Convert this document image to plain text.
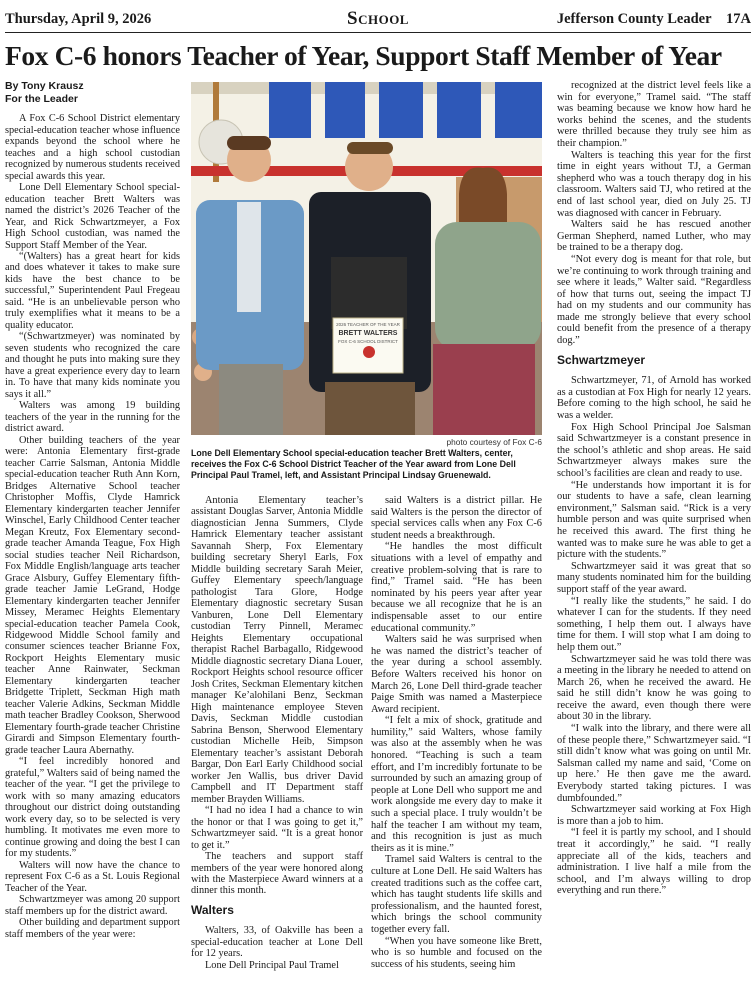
Thursday, April 9, 2026	School	Jefferson County Leader 17A
Fox C-6 honors Teacher of Year, Support Staff Member of Year
By Tony Krausz
For the Leader

A Fox C-6 School District elementary special-education teacher whose influence expands beyond the school where he teaches and a high school custodian recognized by numerous students received special awards this year.

Lone Dell Elementary School special-education teacher Brett Walters was named the district’s 2026 Teacher of the Year, and Rick Schwartzmeyer, a Fox High School custodian, was named the Support Staff Member of the Year.

“(Walters) has a great heart for kids and does whatever it takes to make sure kids have the best chance to be successful,” Superintendent Paul Fregeau said. “He is an unbelievable person who truly exemplifies what it means to be a quality educator.

“(Schwartzmeyer) was nominated by seven students who recognized the care and thought he puts into making sure they have a great experience every day to learn in. To have that many kids nominate you says it all.”

Walters was among 19 building teachers of the year in the running for the district award.

Other building teachers of the year were: Antonia Elementary first-grade teacher Carrie Salsman, Antonia Middle special-education teacher Ruth Ann Korn, Bridges Alternative School teacher Christopher Moffis, Clyde Hamrick Elementary kindergarten teacher Jennifer Winschel, Early Childhood Center teacher Megan Kreutz, Fox Elementary second-grade teacher Amanda Teague, Fox High social studies teacher Neil Richardson, Fox Middle English/language arts teacher Grace Alsbury, Guffey Elementary fifth-grade teacher Jamie LeGrand, Hodge Elementary kindergarten teacher Jennifer Missey, Meramec Heights Elementary special-education teacher Pamela Cook, Ridgewood Middle School family and consumer sciences teacher Brianne Fox, Rockport Heights Elementary music teacher Anne Rainwater, Seckman Elementary kindergarten teacher Bridgette Triplett, Seckman High math teacher Valerie Adkins, Seckman Middle math teacher Bradley Cookson, Sherwood Elementary fourth-grade teacher Christine Girardi and Simpson Elementary fourth-grade teacher Laura Abernathy.

“I feel incredibly honored and grateful,” Walters said of being named the teacher of the year. “I get the privilege to work with so many amazing educators throughout our district doing outstanding work every day, so to be selected is very humbling. It motivates me even more to continue growing and doing the best I can for my students.”

Walters will now have the chance to represent Fox C-6 as a St. Louis Regional Teacher of the Year.

Schwartzmeyer was among 20 support staff members up for the district award.

Other building and department support staff members of the year were:

2026 TEACHER OF THE YEAR
BRETT WALTERS
FOX C-6 SCHOOL DISTRICT
photo courtesy of Fox C-6
Lone Dell Elementary School special-education teacher Brett Walters, center, receives the Fox C-6 School District Teacher of the Year award from Lone Dell Principal Paul Tramel, left, and Assistant Principal Lindsay Gruenewald.

Antonia Elementary teacher’s assistant Douglas Sarver, Antonia Middle diagnostician Jenna Summers, Clyde Hamrick Elementary teacher assistant Savannah Sherp, Fox Elementary building secretary Sheryl Earls, Fox Middle building secretary Sarah Meier, Guffey Elementary speech/language pathologist Tara Glore, Hodge Elementary diagnostic secretary Susan Vanburen, Lone Dell Elementary custodian Terry Pinnell, Meramec Heights Elementary occupational therapist Rachel Barbagallo, Ridgewood Middle diagnostic secretary Diana Louer, Rockport Heights school resource officer Josh Crites, Seckman Elementary kitchen manager Ke’alohilani Benz, Seckman High maintenance employee Steven Davis, Seckman Middle custodian Sabrina Benson, Sherwood Elementary custodian Michelle Heib, Simpson Elementary teacher’s assistant Deborah Bargar, Don Earl Early Childhood social worker Jen Wallis, bus driver David Campbell and IT Department staff member Brayden Williams.

“I had no idea I had a chance to win the honor or that I was going to get it,” Schwartzmeyer said. “It is a great honor to get it.”

The teachers and support staff members of the year were honored along with the Masterpiece Award winners at a dinner this month.

Walters

Walters, 33, of Oakville has been a special-education teacher at Lone Dell for 12 years.

Lone Dell Principal Paul Tramel

said Walters is a district pillar. He said Walters is the person the director of special services calls when any Fox C-6 student needs a breakthrough.

“He handles the most difficult situations with a level of empathy and creative problem-solving that is rare to find,” Tramel said. “He has been nominated by his peers year after year because we all recognize that he is an indispensable asset to our entire educational community.”

Walters said he was surprised when he was named the district’s teacher of the year during a school assembly. Before Walters received his honor on March 26, Lone Dell third-grade teacher Paige Smith was named a Masterpiece Award recipient.

“I felt a mix of shock, gratitude and humility,” said Walters, whose family was also at the assembly when he was honored. “Teaching is such a team effort, and I’m incredibly fortunate to be surrounded by such an amazing group of people at Lone Dell who support me and work alongside me every day to make it such a special place. I truly wouldn’t be half the teacher I am without my team, and this recognition is just as much theirs as it is mine.”

Tramel said Walters is central to the culture at Lone Dell. He said Walters has created traditions such as the coffee cart, which has taught students life skills and professionalism, and the haunted forest, which brings the school community together every fall.

“When you have someone like Brett, who is so humble and focused on the success of his students, seeing him

recognized at the district level feels like a win for everyone,” Tramel said. “The staff was beaming because we know how hard he works behind the scenes, and the students were thrilled because they truly see him as their champion.”

Walters is teaching this year for the first time in eight years without TJ, a German shepherd who was a touch therapy dog in his classroom. Walters said TJ, who retired at the end of last school year, died on July 25. TJ was diagnosed with cancer in February.

Walters said he has rescued another German Shepherd, named Luther, who may be trained to be a therapy dog.

“Not every dog is meant for that role, but we’re continuing to work through training and see where it leads,” Walter said. “Regardless of how that turns out, seeing the impact TJ had on my students and our community has made me strongly believe that every school could benefit from the presence of a therapy dog.”

Schwartzmeyer

Schwartzmeyer, 71, of Arnold has worked as a custodian at Fox High for nearly 12 years. Before coming to the high school, he said he was a welder.

Fox High School Principal Joe Salsman said Schwartzmeyer is a constant presence in the school’s athletic and shop areas. He said Schwartzmeyer always makes sure the school’s facilities are clean and ready to use.

“He understands how important it is for our students to have a safe, clean learning environment,” Salsman said. “Rick is a very humble person and was quite surprised when he received this award. The first thing he wanted was to make sure he was able to get a picture with the students.”

Schwartzmeyer said it was great that so many students nominated him for the building support staff of the year award.

“I really like the students,” he said. I do whatever I can for the students. If they need something, I help them out. I always have time for them. I will stop what I am doing to help them out.”

Schwartzmeyer said he was told there was a meeting in the library he needed to attend on March 26, when he received the award. He said he still didn’t know he was going to receive the award, even though there were about 30 in the library.

“I walk into the library, and there were all of these people there,” Schwartzmeyer said. “I still didn’t know what was going on until Mr. Salsman called my name and said, ‘Come on up here.’ He then gave me the award. Everybody started taking pictures. I was dumbfounded.”

Schwartzmeyer said working at Fox High is more than a job to him.

“I feel it is partly my school, and I should treat it accordingly,” he said. “I really appreciate all of the kids, teachers and administration. I live half a mile from the school, and I’m always willing to drop everything and run there.”
